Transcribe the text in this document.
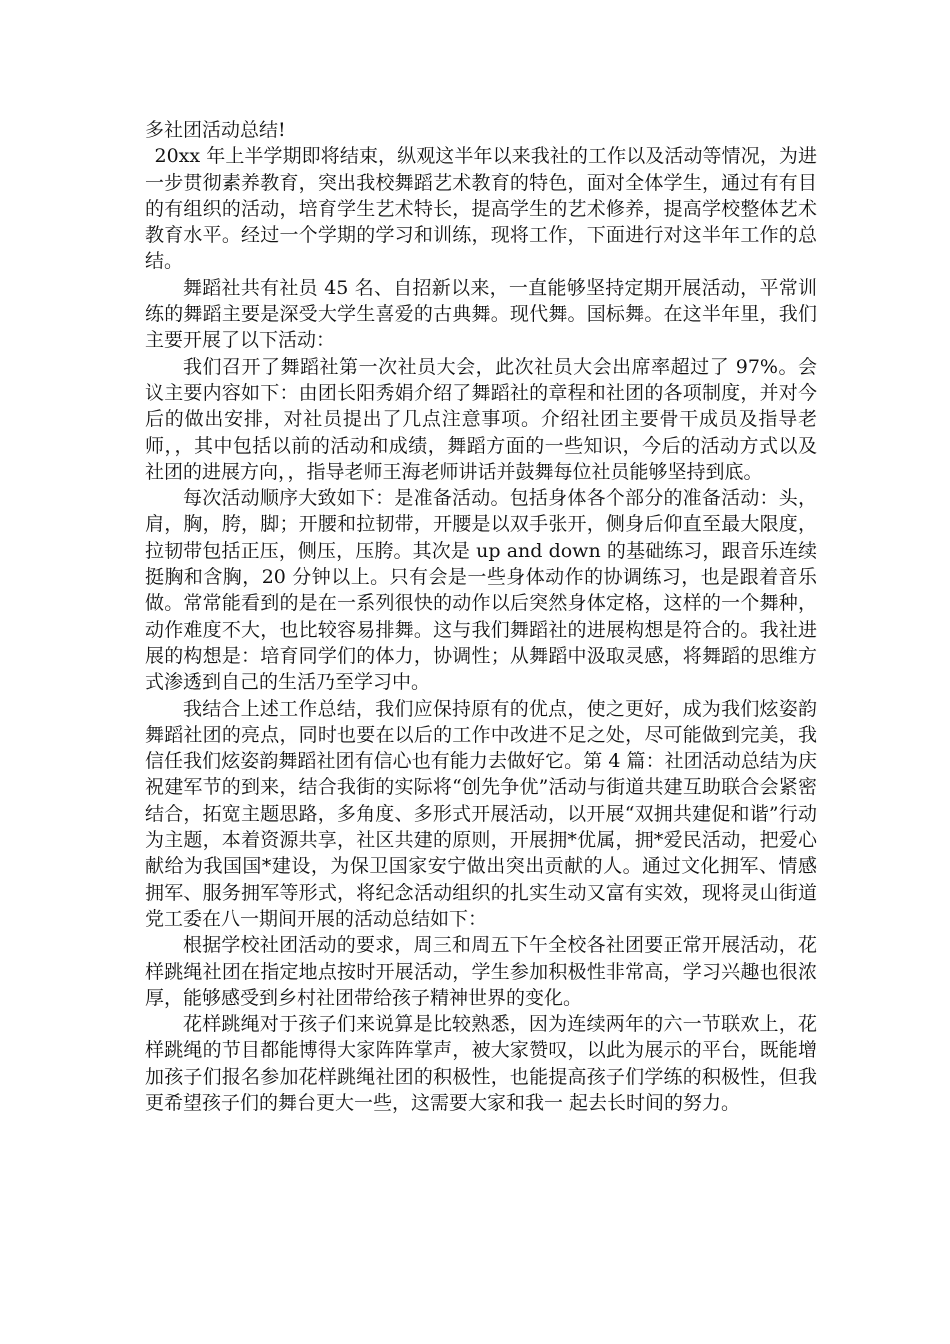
多社团活动总结!

20xx 年上半学期即将结束，纵观这半年以来我社的工作以及活动等情况，为进一步贯彻素养教育，突出我校舞蹈艺术教育的特色，面对全体学生，通过有有目的有组织的活动，培育学生艺术特长，提高学生的艺术修养，提高学校整体艺术教育水平。经过一个学期的学习和训练，现将工作，下面进行对这半年工作的总结。

舞蹈社共有社员 45 名、自招新以来，一直能够坚持定期开展活动，平常训练的舞蹈主要是深受大学生喜爱的古典舞。现代舞。国标舞。在这半年里，我们主要开展了以下活动：

我们召开了舞蹈社第一次社员大会，此次社员大会出席率超过了 97%。会议主要内容如下：由团长阳秀娟介绍了舞蹈社的章程和社团的各项制度，并对今后的做出安排，对社员提出了几点注意事项。介绍社团主要骨干成员及指导老师，，其中包括以前的活动和成绩，舞蹈方面的一些知识，今后的活动方式以及社团的进展方向，，指导老师王海老师讲话并鼓舞每位社员能够坚持到底。

每次活动顺序大致如下：是准备活动。包括身体各个部分的准备活动：头，肩，胸，胯，脚；开腰和拉韧带，开腰是以双手张开，侧身后仰直至最大限度，拉韧带包括正压，侧压，压胯。其次是 up and down 的基础练习，跟音乐连续挺胸和含胸，20 分钟以上。只有会是一些身体动作的协调练习，也是跟着音乐做。常常能看到的是在一系列很快的动作以后突然身体定格，这样的一个舞种，动作难度不大，也比较容易排舞。这与我们舞蹈社的进展构想是符合的。我社进展的构想是：培育同学们的体力，协调性；从舞蹈中汲取灵感，将舞蹈的思维方式渗透到自己的生活乃至学习中。

我结合上述工作总结，我们应保持原有的优点，使之更好，成为我们炫姿韵舞蹈社团的亮点，同时也要在以后的工作中改进不足之处，尽可能做到完美，我信任我们炫姿韵舞蹈社团有信心也有能力去做好它。第 4 篇：社团活动总结为庆祝建军节的到来，结合我街的实际将“创先争优”活动与街道共建互助联合会紧密结合，拓宽主题思路，多角度、多形式开展活动，以开展“双拥共建促和谐”行动为主题，本着资源共享，社区共建的原则，开展拥*优属，拥*爱民活动，把爱心献给为我国国*建设，为保卫国家安宁做出突出贡献的人。通过文化拥军、情感拥军、服务拥军等形式，将纪念活动组织的扎实生动又富有实效，现将灵山街道党工委在八一期间开展的活动总结如下：

根据学校社团活动的要求，周三和周五下午全校各社团要正常开展活动，花样跳绳社团在指定地点按时开展活动，学生参加积极性非常高，学习兴趣也很浓厚，能够感受到乡村社团带给孩子精神世界的变化。

花样跳绳对于孩子们来说算是比较熟悉，因为连续两年的六一节联欢上，花样跳绳的节目都能博得大家阵阵掌声，被大家赞叹，以此为展示的平台，既能增加孩子们报名参加花样跳绳社团的积极性，也能提高孩子们学练的积极性，但我更希望孩子们的舞台更大一些，这需要大家和我一 起去长时间的努力。
